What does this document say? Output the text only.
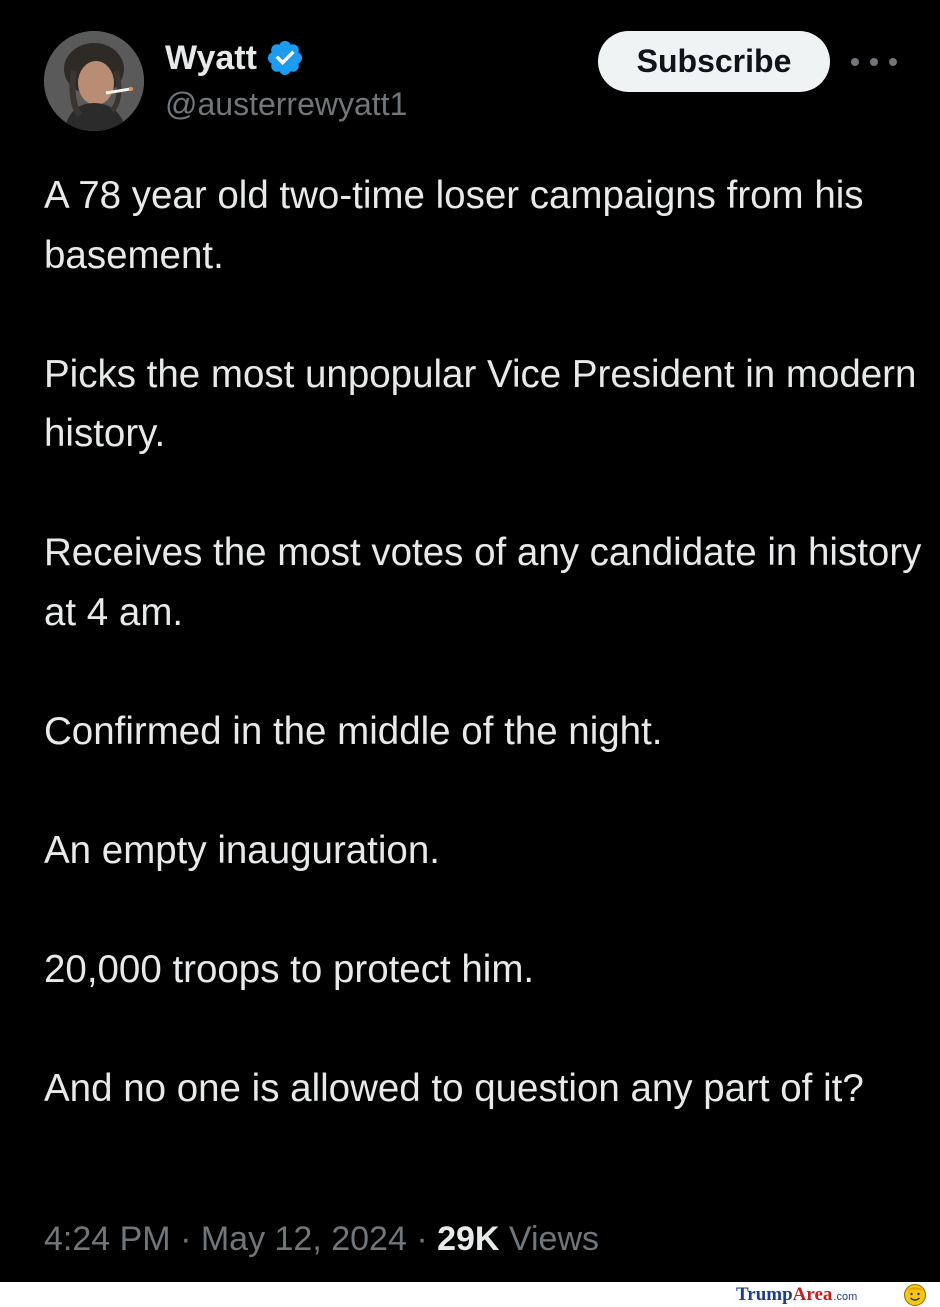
Wyatt
@austerrewyatt1
Subscribe

A 78 year old two-time loser campaigns from his basement.

Picks the most unpopular Vice President in modern history.

Receives the most votes of any candidate in history at 4 am.

Confirmed in the middle of the night.

An empty inauguration.

20,000 troops to protect him.

And no one is allowed to question any part of it?

4:24 PM · May 12, 2024 · 29K Views
Trump Area .com
